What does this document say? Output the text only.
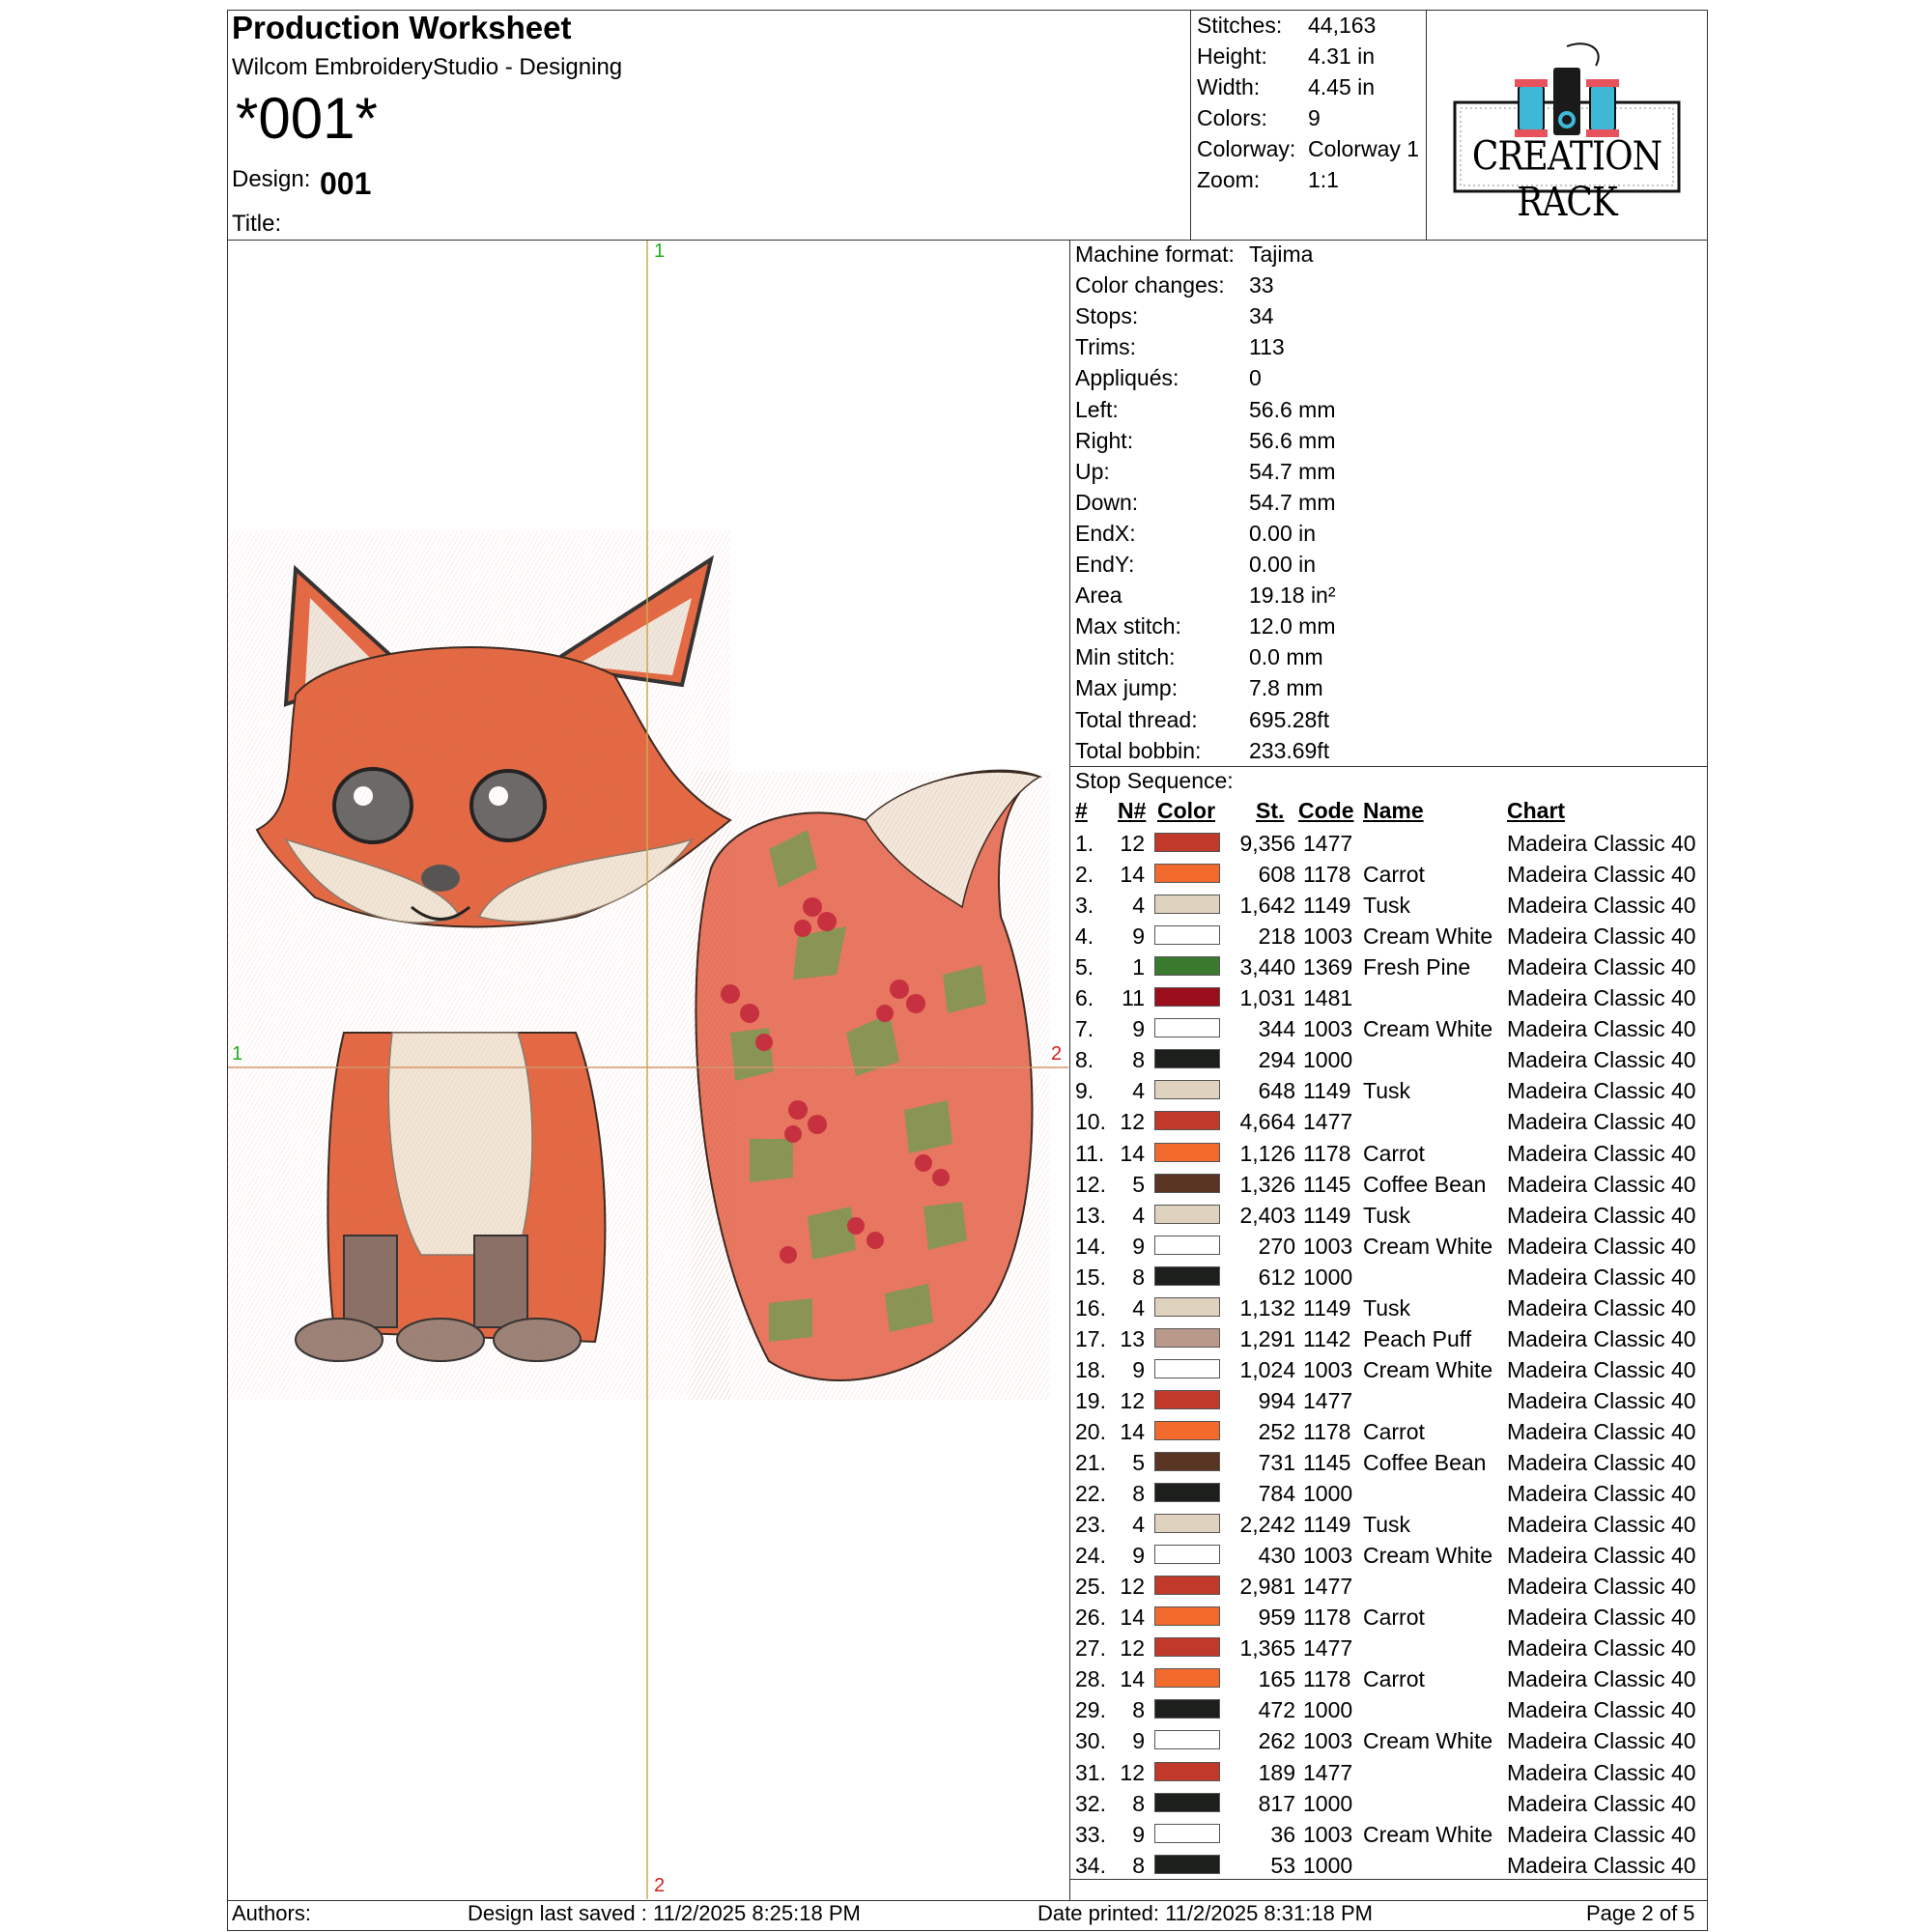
Production Worksheet
Wilcom EmbroideryStudio - Designing
*001*
Design: 001
Title:
Stitches: 44,163
Height: 4.31 in
Width: 4.45 in
Colors: 9
Colorway: Colorway 1
Zoom: 1:1	CREATION RACK
1
2
1	2
Machine format: Tajima
Color changes: 33
Stops:	34
Trims:	113
Appliqués:	0
Left:	56.6 mm
Right:	56.6 mm
Up:	54.7 mm
Down:	54.7 mm
EndX:	0.00 in
EndY:	0.00 in
Area	19.18 in²
Max stitch:	12.0 mm
Min stitch:	0.0 mm
Max jump:	7.8 mm
Total thread: 695.28ft
Total bobbin: 233.69ft
Stop Sequence:
# N# Color St. Code Name	Chart
1. 12	9,356 1477	Madeira Classic 40
2. 14	608 1178 Carrot	Madeira Classic 40
3.	4	1,642 1149 Tusk	Madeira Classic 40
4.	9	218 1003 Cream White Madeira Classic 40
5.	1	3,440 1369 Fresh Pine Madeira Classic 40
6. 11	1,031 1481	Madeira Classic 40
7.	9	344 1003 Cream White Madeira Classic 40
8.	8	294 1000	Madeira Classic 40
9.	4	648 1149 Tusk	Madeira Classic 40
10. 12	4,664 1477	Madeira Classic 40
11. 14	1,126 1178 Carrot	Madeira Classic 40
12.	5	1,326 1145 Coffee Bean Madeira Classic 40
13.	4	2,403 1149 Tusk	Madeira Classic 40
14.	9	270 1003 Cream White Madeira Classic 40
15.	8	612 1000	Madeira Classic 40
16.	4	1,132 1149 Tusk	Madeira Classic 40
17. 13	1,291 1142 Peach Puff Madeira Classic 40
18.	9	1,024 1003 Cream White Madeira Classic 40
19. 12	994 1477	Madeira Classic 40
20. 14	252 1178 Carrot	Madeira Classic 40
21.	5	731 1145 Coffee Bean Madeira Classic 40
22.	8	784 1000	Madeira Classic 40
23.	4	2,242 1149 Tusk	Madeira Classic 40
24.	9	430 1003 Cream White Madeira Classic 40
25. 12	2,981 1477	Madeira Classic 40
26. 14	959 1178 Carrot	Madeira Classic 40
27. 12	1,365 1477	Madeira Classic 40
28. 14	165 1178 Carrot	Madeira Classic 40
29.	8	472 1000	Madeira Classic 40
30.	9	262 1003 Cream White Madeira Classic 40
31. 12	189 1477	Madeira Classic 40
32.	8	817 1000	Madeira Classic 40
33.	9	36 1003 Cream White Madeira Classic 40
34.	8	53 1000	Madeira Classic 40
Authors:	Design last saved : 11/2/2025 8:25:18 PM	Date printed: 11/2/2025 8:31:18 PM	Page 2 of 5
